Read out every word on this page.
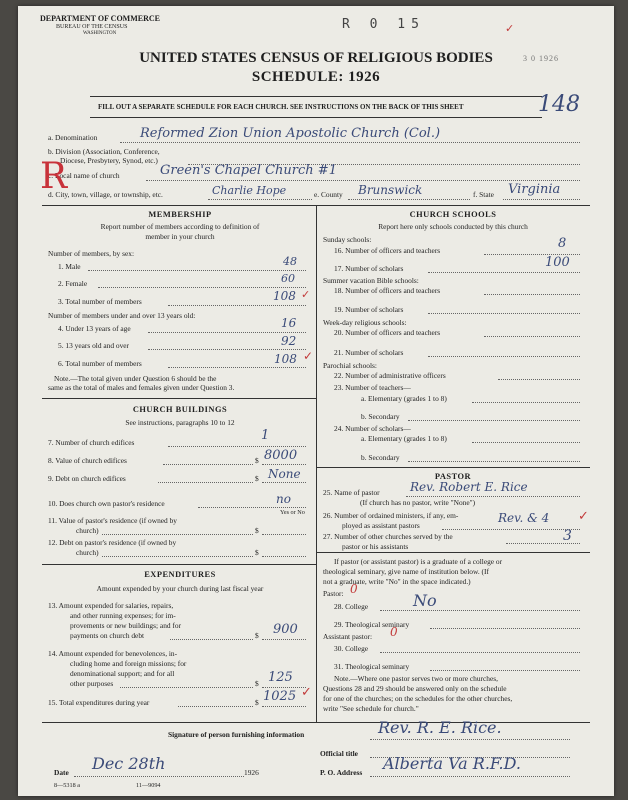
DEPARTMENT OF COMMERCE
BUREAU OF THE CENSUS
WASHINGTON
R 0 15	✓
3 0 1926
UNITED STATES CENSUS OF RELIGIOUS BODIES
SCHEDULE: 1926
FILL OUT A SEPARATE SCHEDULE FOR EACH CHURCH. SEE INSTRUCTIONS ON THE BACK OF THIS SHEET	148
a. Denomination	Reformed Zion Union Apostolic Church (Col.)
b. Division (Association, Conference,
Diocese, Presbytery, Synod, etc.)
c. Local name of church	Green's Chapel Church #1
R
d. City, town, village, or township, etc.	Charlie Hope	e. County Brunswick	f. State Virginia
MEMBERSHIP
Report number of members according to definition of
member in your church
Number of members, by sex:
1. Male	48
2. Female	60
3. Total number of members	108 ✓
Number of members under and over 13 years old:
4. Under 13 years of age	16
5. 13 years old and over	92
6. Total number of members	108 ✓
Note.—The total given under Question 6 should be the
same as the total of males and females given under Question 3.
CHURCH BUILDINGS
See instructions, paragraphs 10 to 12
7. Number of church edifices	1
8. Value of church edifices	$ 8000
9. Debt on church edifices	$ None
10. Does church own pastor's residence	no
Yes or No
11. Value of pastor's residence (if owned by
church)	$
12. Debt on pastor's residence (if owned by
church)	$
EXPENDITURES
Amount expended by your church during last fiscal year
13. Amount expended for salaries, repairs,
and other running expenses; for im-
provements or new buildings; and for
payments on church debt	$ 900
14. Amount expended for benevolences, in-
cluding home and foreign missions; for
denominational support; and for all
other purposes	$ 125
15. Total expenditures during year	$ 1025 ✓
CHURCH SCHOOLS
Report here only schools conducted by this church
Sunday schools:
16. Number of officers and teachers	8
17. Number of scholars	100
Summer vacation Bible schools:
18. Number of officers and teachers
19. Number of scholars
Week-day religious schools:
20. Number of officers and teachers
21. Number of scholars
Parochial schools:
22. Number of administrative officers
23. Number of teachers—
a. Elementary (grades 1 to 8)
b. Secondary
24. Number of scholars—
a. Elementary (grades 1 to 8)
b. Secondary
PASTOR
25. Name of pastor	Rev. Robert E. Rice
(If church has no pastor, write "None")
26. Number of ordained ministers, if any, em-
ployed as assistant pastors
Rev. & 4 ✓
27. Number of other churches served by the
pastor or his assistants
3
If pastor (or assistant pastor) is a graduate of a college or
theological seminary, give name of institution below. (If
not a graduate, write "No" in the space indicated.)
Pastor: 0
28. College	No
29. Theological seminary
Assistant pastor: 0
30. College
31. Theological seminary
Note.—Where one pastor serves two or more churches,
Questions 28 and 29 should be answered only on the schedule
for one of the churches; on the schedules for the other churches,
write "See schedule for church."
Signature of person furnishing information	Rev. R. E. Rice.
Official title
Date Dec 28th	1926	P. O. Address Alberta Va R.F.D.
8—5318 a	11—9094
